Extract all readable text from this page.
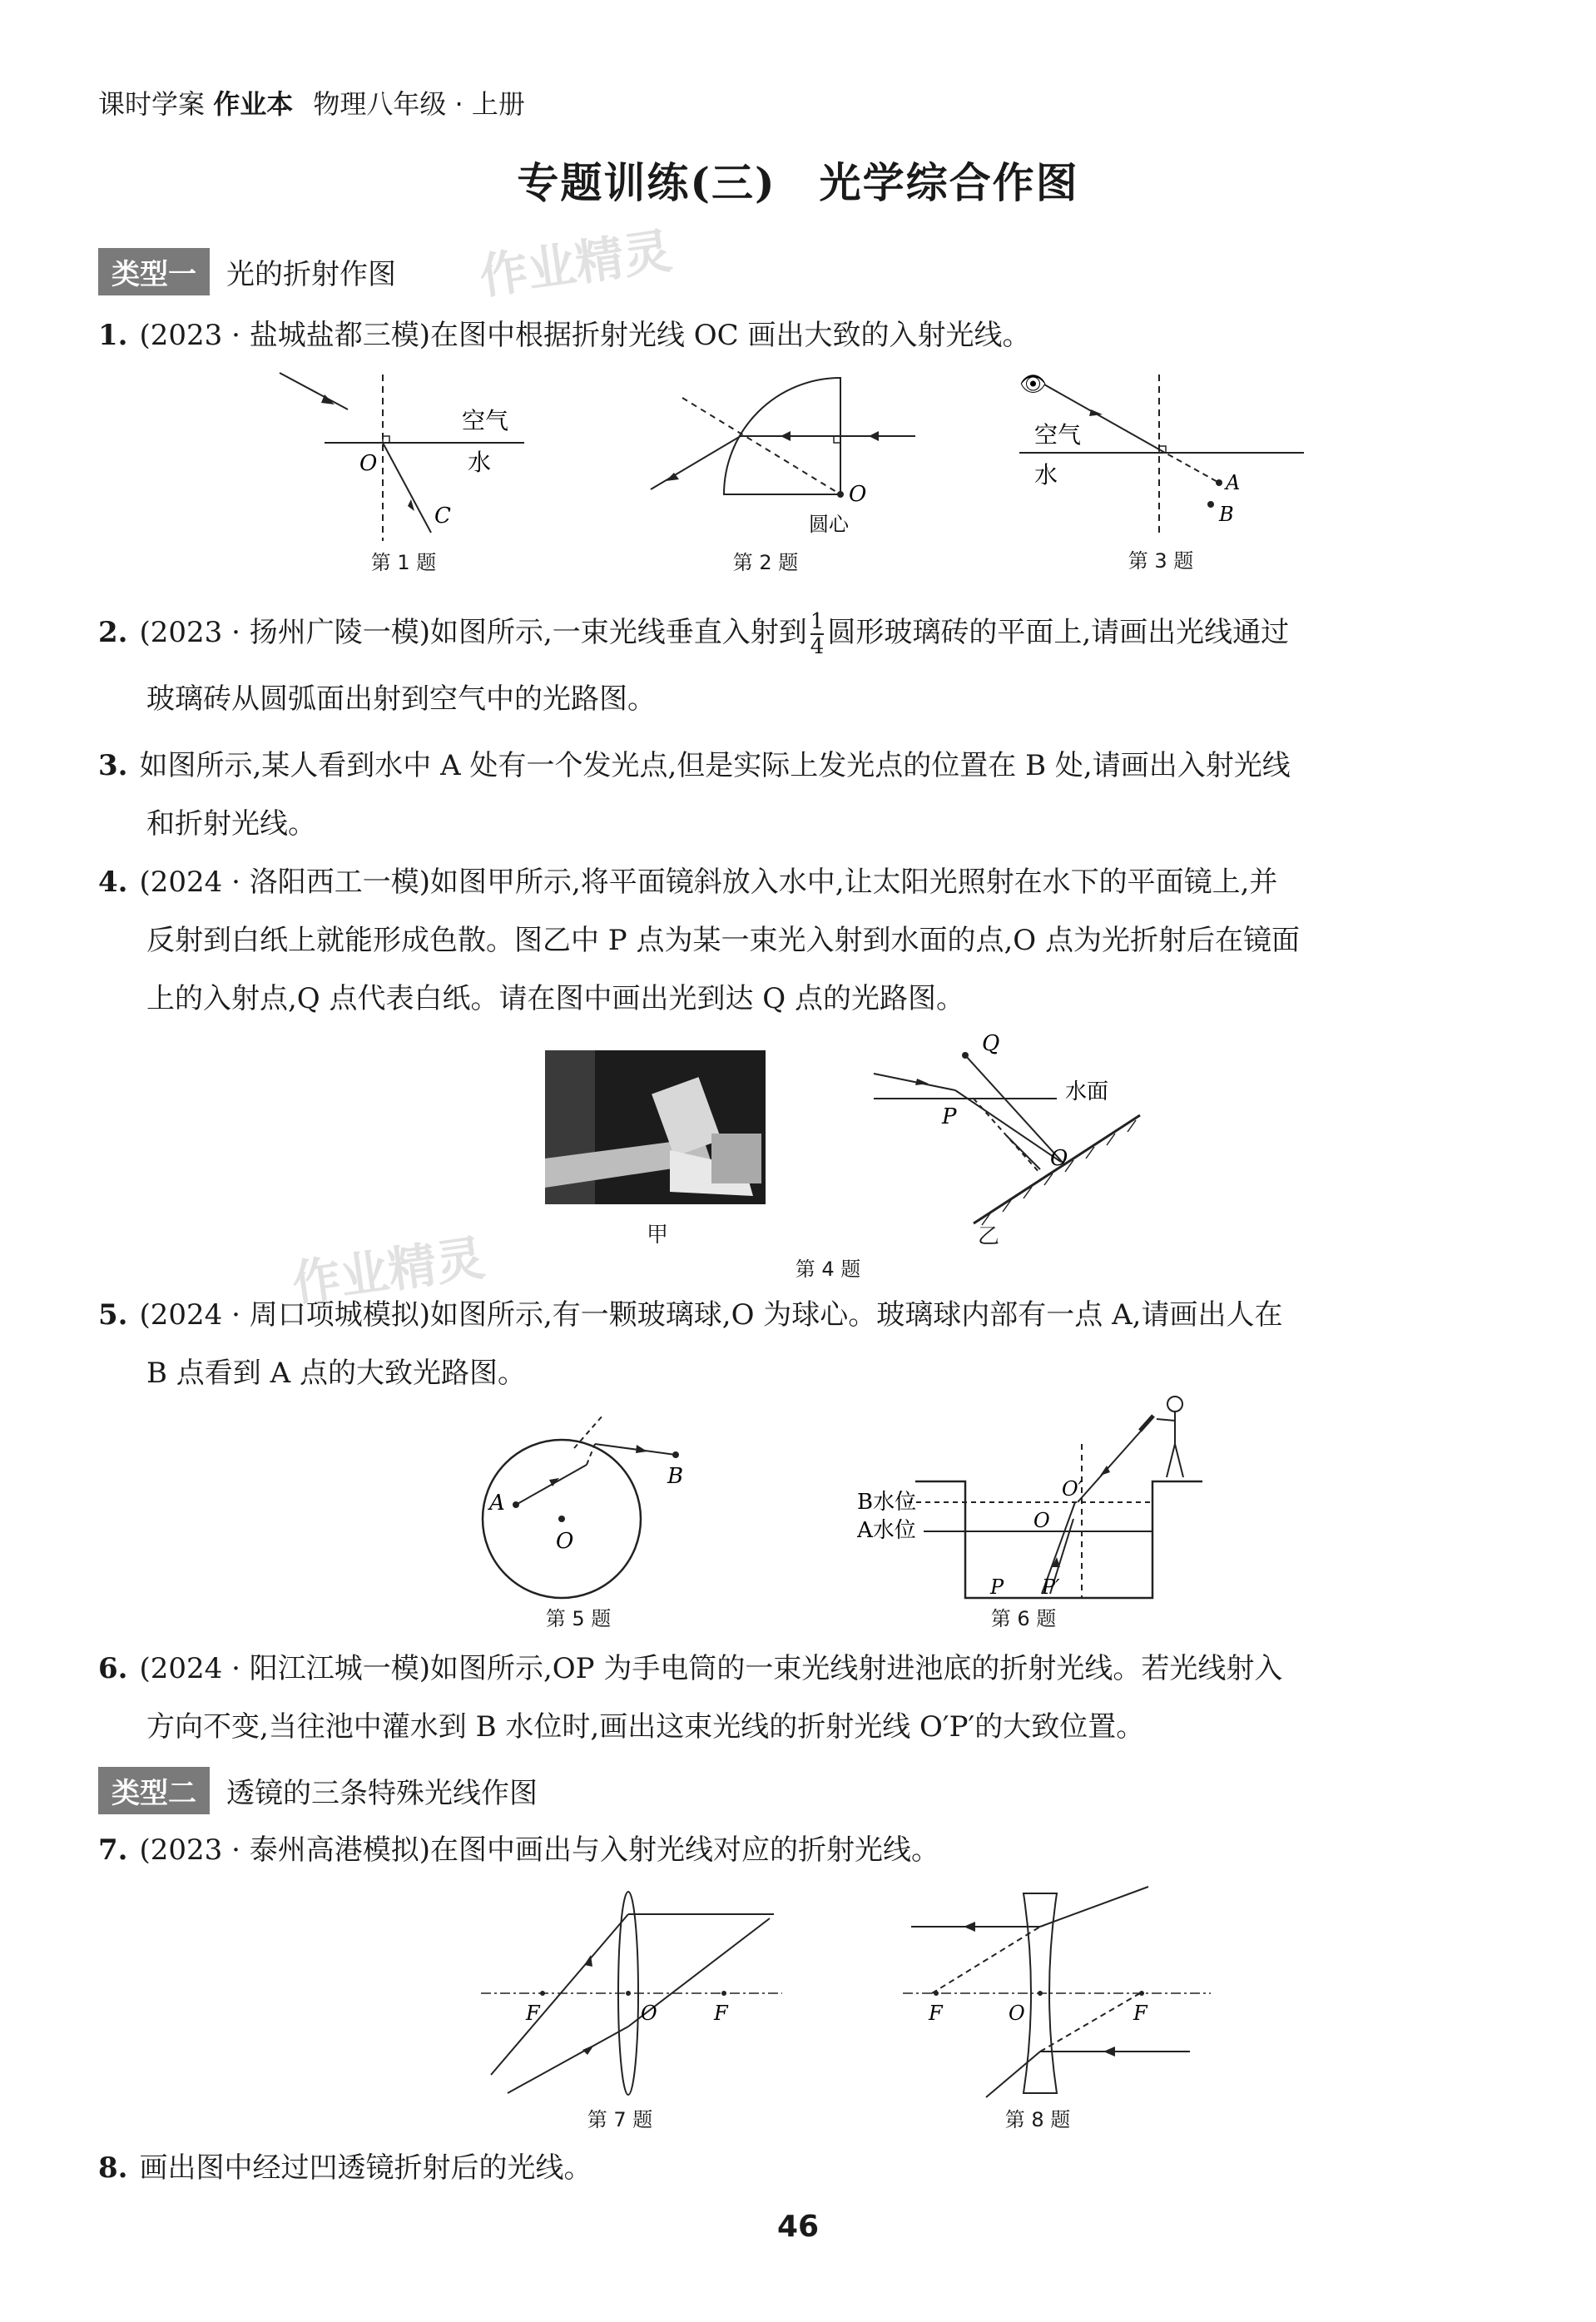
课时学案 作业本 物理八年级 · 上册
专题训练(三)　光学综合作图
类型一	光的折射作图 作业精灵
1. (2023 · 盐城盐都三模)在图中根据折射光线 OC 画出大致的入射光线。
空气
水
O
C
第 1 题
O
圆心
第 2 题
👁
空气
水	A
B
第 3 题
2. (2023 · 扬州广陵一模)如图所示,一束光线垂直入射到 $\frac{1}{4}$ 圆形玻璃砖的平面上,请画出光线通过
玻璃砖从圆弧面出射到空气中的光路图。
3. 如图所示,某人看到水中 A 处有一个发光点,但是实际上发光点的位置在 B 处,请画出入射光线
和折射光线。
4. (2024 · 洛阳西工一模)如图甲所示,将平面镜斜放入水中,让太阳光照射在水下的平面镜上,并
反射到白纸上就能形成色散。图乙中 P 点为某一束光入射到水面的点,O 点为光折射后在镜面
上的入射点,Q 点代表白纸。请在图中画出光到达 Q 点的光路图。
甲
Q
水面
P
O
乙
第 4 题
作业精灵
5. (2024 · 周口项城模拟)如图所示,有一颗玻璃球,O 为球心。玻璃球内部有一点 A,请画出人在
B 点看到 A 点的大致光路图。
A
O
B
第 5 题
B水位
A水位
O′
O
P P′
第 6 题
6. (2024 · 阳江江城一模)如图所示,OP 为手电筒的一束光线射进池底的折射光线。若光线射入
方向不变,当往池中灌水到 B 水位时,画出这束光线的折射光线 O′P′的大致位置。
类型二	透镜的三条特殊光线作图
7. (2023 · 泰州高港模拟)在图中画出与入射光线对应的折射光线。
F	O	F
第 7 题
F	O	F
第 8 题
8. 画出图中经过凹透镜折射后的光线。
46
